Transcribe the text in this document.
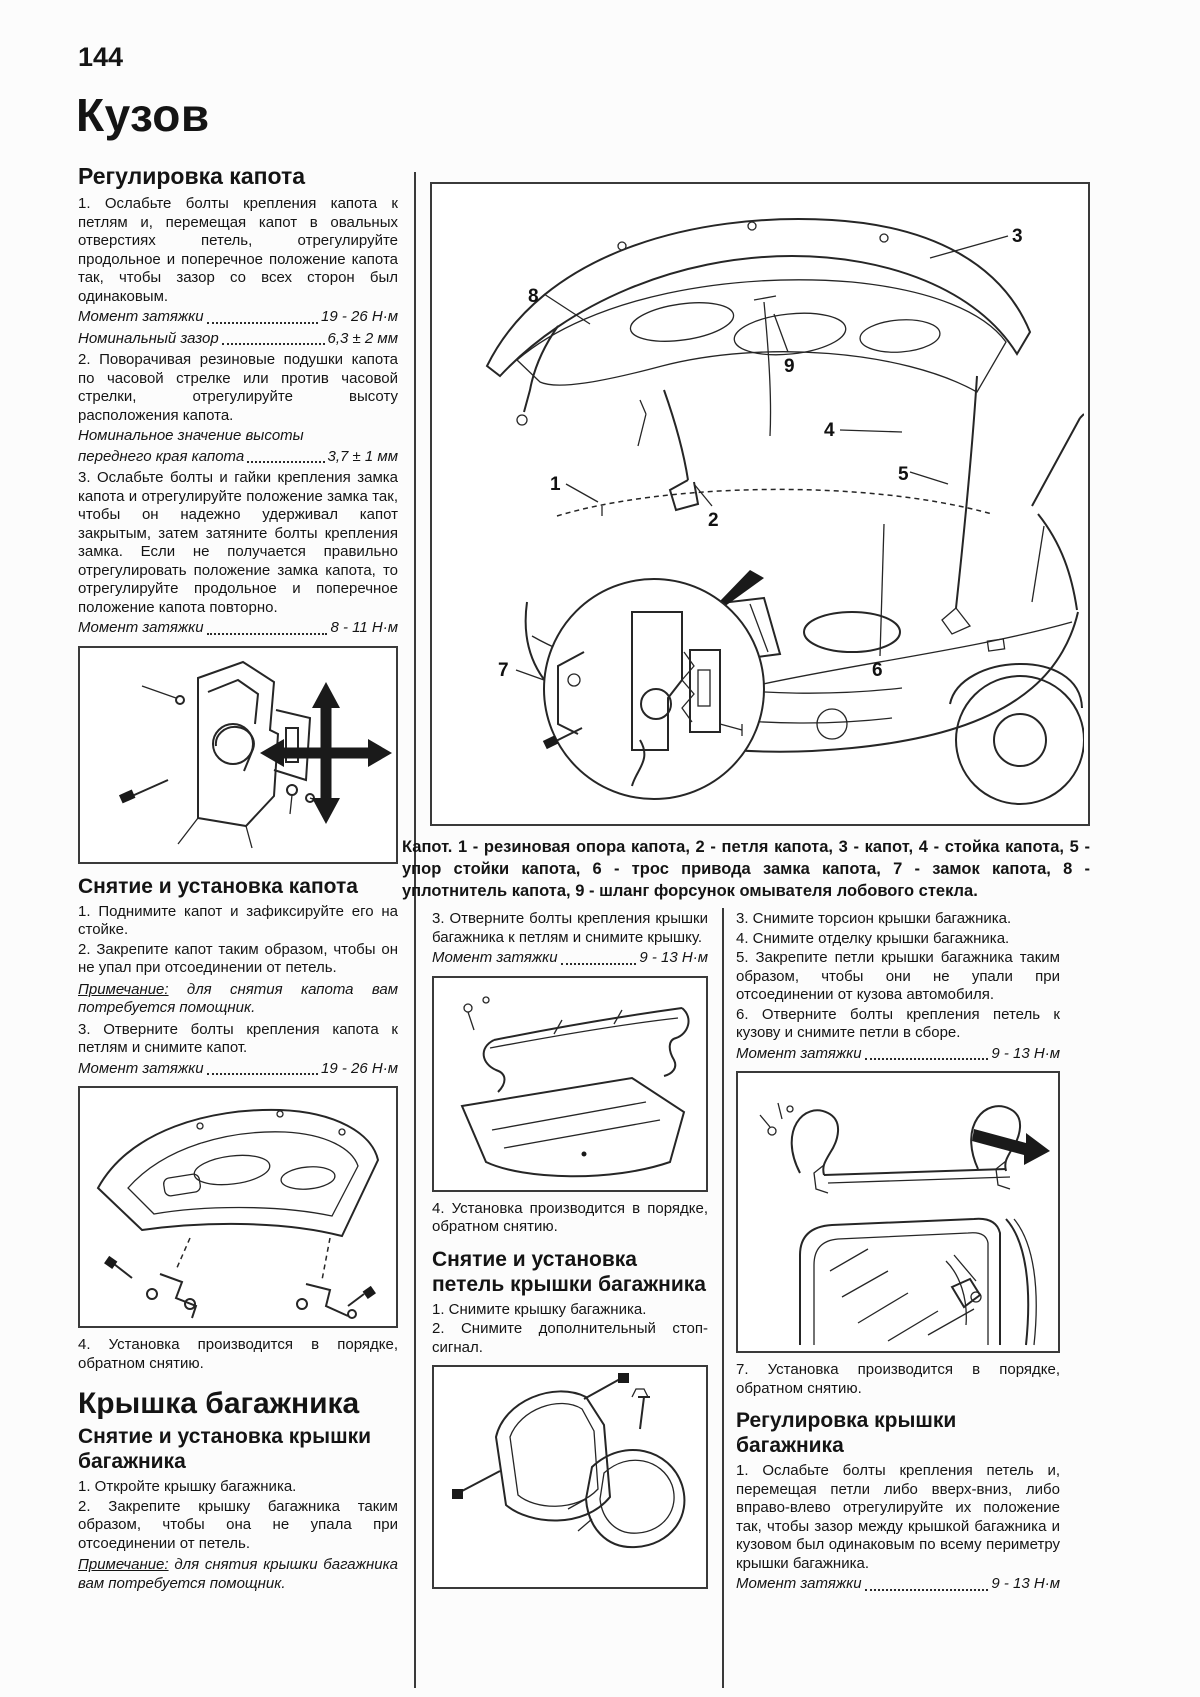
144
Кузов
Регулировка капота

1. Ослабьте болты крепления капота к петлям и, перемещая капот в овальных отверстиях петель, отрегулируйте продольное и поперечное положение капота так, чтобы зазор со всех сторон был одинаковым.

Момент затяжки	19 - 26 Н·м
Номинальный зазор	6,3 ± 2 мм

2. Поворачивая резиновые подушки капота по часовой стрелке или против часовой стрелки, отрегулируйте высоту расположения капота.

Номинальное значение высоты
переднего края капота	3,7 ± 1 мм

3. Ослабьте болты и гайки крепления замка капота и отрегулируйте положение замка так, чтобы он надежно удерживал капот закрытым, затем затяните болты крепления замка. Если не получается правильно отрегулировать положение замка капота, то отрегулируйте продольное и поперечное положение капота повторно.

Момент затяжки	8 - 11 Н·м
Снятие и установка капота

1. Поднимите капот и зафиксируйте его на стойке.

2. Закрепите капот таким образом, чтобы он не упал при отсоединении от петель.

Примечание: для снятия капота вам потребуется помощник.

3. Отверните болты крепления капота к петлям и снимите капот.

Момент затяжки	19 - 26 Н·м

4. Установка производится в порядке, обратном снятию.

Крышка багажника
Снятие и установка крышки багажника

1. Откройте крышку багажника.

2. Закрепите крышку багажника таким образом, чтобы она не упала при отсоединении от петель.

Примечание: для снятия крышки багажника вам потребуется помощник.
8
3
9
1
2
4
5
6
7
Капот. 1 - резиновая опора капота, 2 - петля капота, 3 - капот, 4 - стойка капота, 5 - упор стойки капота, 6 - трос привода замка капота, 7 - замок капота, 8 - уплотнитель капота, 9 - шланг форсунок омывателя лобового стекла.

3. Отверните болты крепления крышки багажника к петлям и снимите крышку.

Момент затяжки	9 - 13 Н·м

4. Установка производится в порядке, обратном снятию.

Снятие и установка петель крышки багажника

1. Снимите крышку багажника.

2. Снимите дополнительный стоп-сигнал.

3. Снимите торсион крышки багажника.

4. Снимите отделку крышки багажника.

5. Закрепите петли крышки багажника таким образом, чтобы они не упали при отсоединении от кузова автомобиля.

6. Отверните болты крепления петель к кузову и снимите петли в сборе.

Момент затяжки	9 - 13 Н·м

7. Установка производится в порядке, обратном снятию.

Регулировка крышки багажника

1. Ослабьте болты крепления петель и, перемещая петли либо вверх-вниз, либо вправо-влево отрегулируйте их положение так, чтобы зазор между крышкой багажника и кузовом был одинаковым по всему периметру крышки багажника.

Момент затяжки	9 - 13 Н·м
